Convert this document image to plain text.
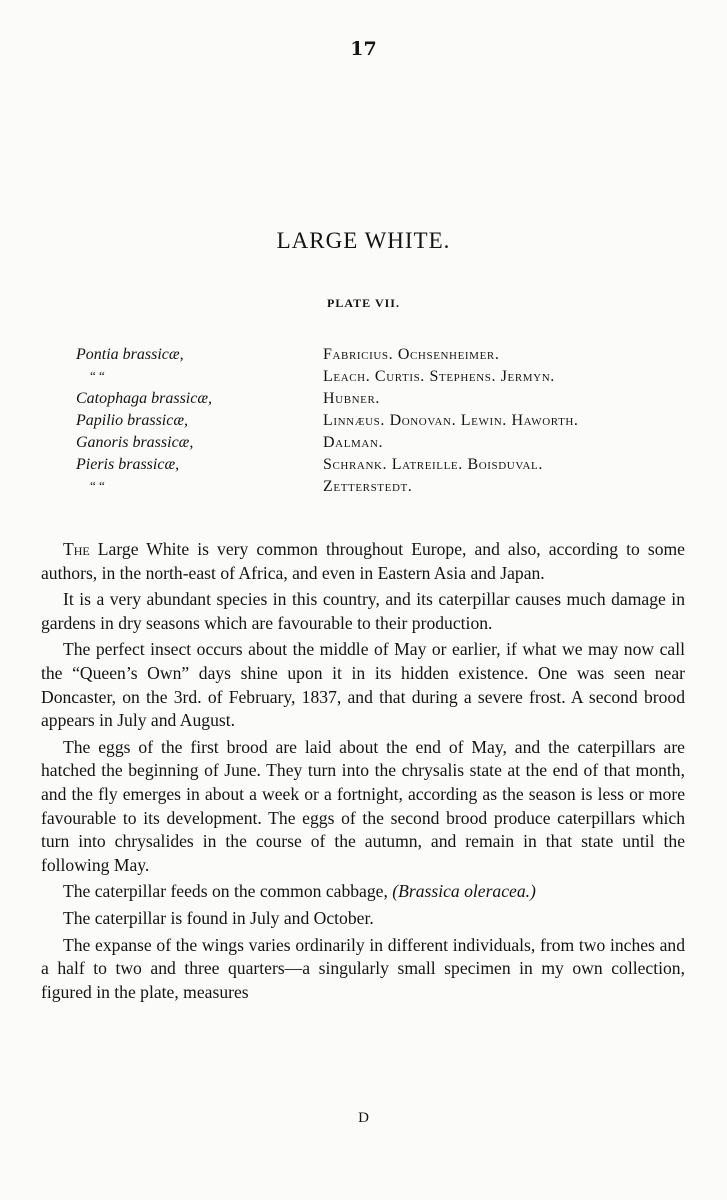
17
LARGE WHITE.
PLATE VII.
Pontia brassicæ,	Fabricius. Ochsenheimer.
“ “	Leach. Curtis. Stephens. Jermyn.
Catophaga brassicæ,	Hubner.
Papilio brassicæ,	Linnæus. Donovan. Lewin. Haworth.
Ganoris brassicæ,	Dalman.
Pieris brassicæ,	Schrank. Latreille. Boisduval.
“ “	Zetterstedt.

The Large White is very common throughout Europe, and also, according to some authors, in the north-east of Africa, and even in Eastern Asia and Japan.

It is a very abundant species in this country, and its caterpillar causes much damage in gardens in dry seasons which are favourable to their production.

The perfect insect occurs about the middle of May or earlier, if what we may now call the “Queen’s Own” days shine upon it in its hidden existence. One was seen near Doncaster, on the 3rd. of February, 1837, and that during a severe frost. A second brood appears in July and August.

The eggs of the first brood are laid about the end of May, and the caterpillars are hatched the beginning of June. They turn into the chrysalis state at the end of that month, and the fly emerges in about a week or a fortnight, according as the season is less or more favourable to its development. The eggs of the second brood produce caterpillars which turn into chrysalides in the course of the autumn, and remain in that state until the following May.

The caterpillar feeds on the common cabbage, (Brassica oleracea.)

The caterpillar is found in July and October.

The expanse of the wings varies ordinarily in different individuals, from two inches and a half to two and three quarters—a singularly small specimen in my own collection, figured in the plate, measures

D
